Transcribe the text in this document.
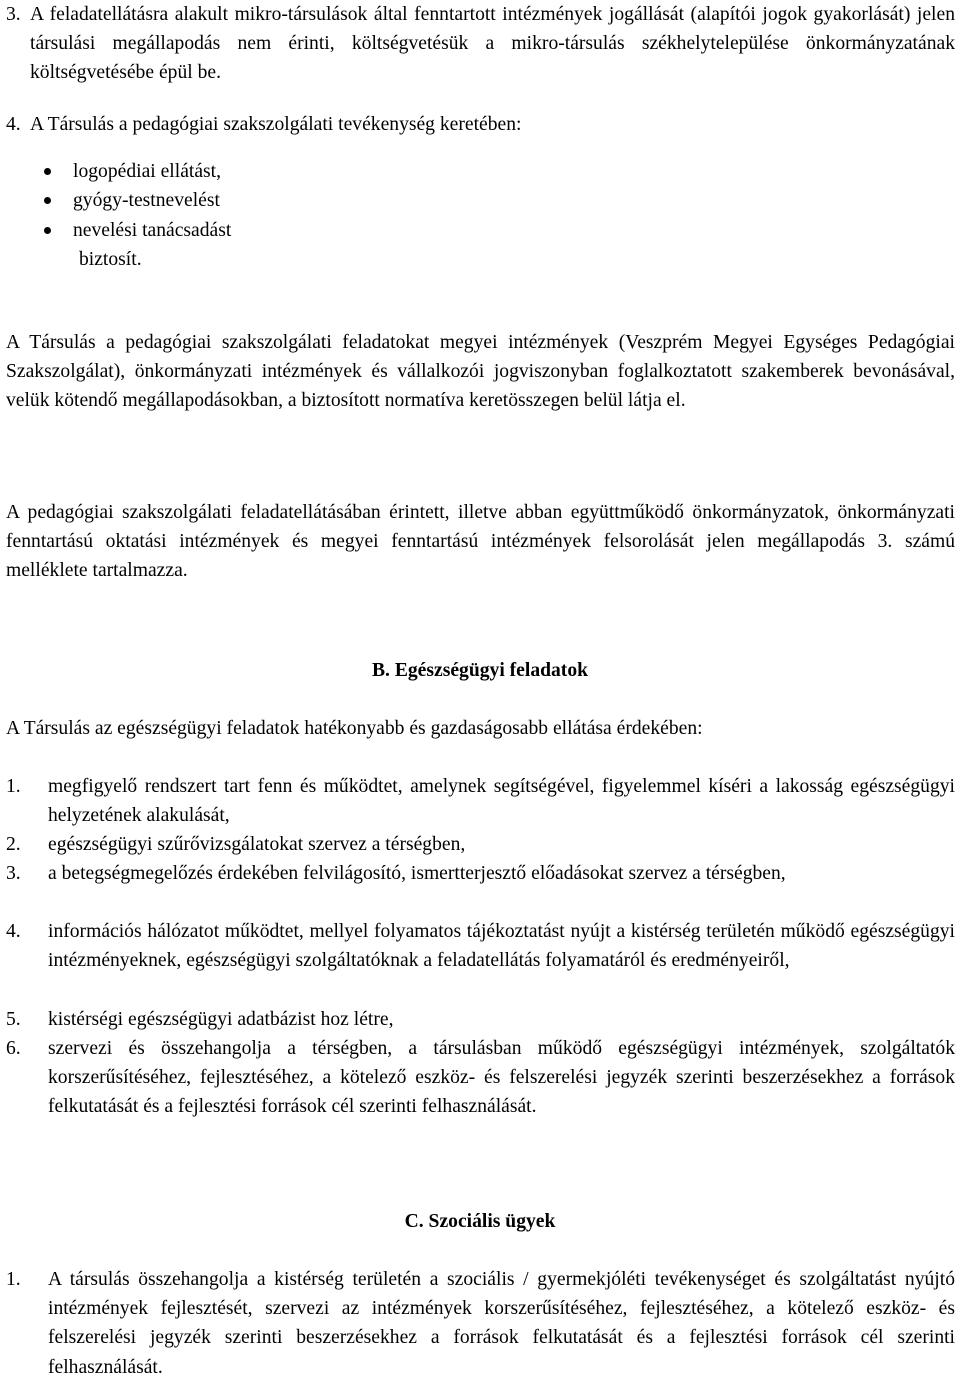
3. A feladatellátásra alakult mikro-társulások által fenntartott intézmények jogállását (alapítói jogok gyakorlását) jelen társulási megállapodás nem érinti, költségvetésük a mikro-társulás székhelytelepülése önkormányzatának költségvetésébe épül be.
4. A Társulás a pedagógiai szakszolgálati tevékenység keretében:
logopédiai ellátást,
gyógy-testnevelést
nevelési tanácsadást
biztosít.
A Társulás a pedagógiai szakszolgálati feladatokat megyei intézmények (Veszprém Megyei Egységes Pedagógiai Szakszolgálat), önkormányzati intézmények és vállalkozói jogviszonyban foglalkoztatott szakemberek bevonásával, velük kötendő megállapodásokban, a biztosított normatíva keretösszegen belül látja el.
A pedagógiai szakszolgálati feladatellátásában érintett, illetve abban együttműködő önkormányzatok, önkormányzati fenntartású oktatási intézmények és megyei fenntartású intézmények felsorolását jelen megállapodás 3. számú melléklete tartalmazza.
B. Egészségügyi feladatok
A Társulás az egészségügyi feladatok hatékonyabb és gazdaságosabb ellátása érdekében:
1. megfigyelő rendszert tart fenn és működtet, amelynek segítségével, figyelemmel kíséri a lakosság egészségügyi helyzetének alakulását,
2. egészségügyi szűrővizsgálatokat szervez a térségben,
3. a betegségmegelőzés érdekében felvilágosító, ismertterjesztő előadásokat szervez a térségben,
4. információs hálózatot működtet, mellyel folyamatos tájékoztatást nyújt a kistérség területén működő egészségügyi intézményeknek, egészségügyi szolgáltatóknak a feladatellátás folyamatáról és eredményeiről,
5. kistérségi egészségügyi adatbázist hoz létre,
6. szervezi és összehangolja a térségben, a társulásban működő egészségügyi intézmények, szolgáltatók korszerűsítéséhez, fejlesztéséhez, a kötelező eszköz- és felszerelési jegyzék szerinti beszerzésekhez a források felkutatását és a fejlesztési források cél szerinti felhasználását.
C. Szociális ügyek
1. A társulás összehangolja a kistérség területén a szociális / gyermekjóléti tevékenységet és szolgáltatást nyújtó intézmények fejlesztését, szervezi az intézmények korszerűsítéséhez, fejlesztéséhez, a kötelező eszköz- és felszerelési jegyzék szerinti beszerzésekhez a források felkutatását és a fejlesztési források cél szerinti felhasználását.
